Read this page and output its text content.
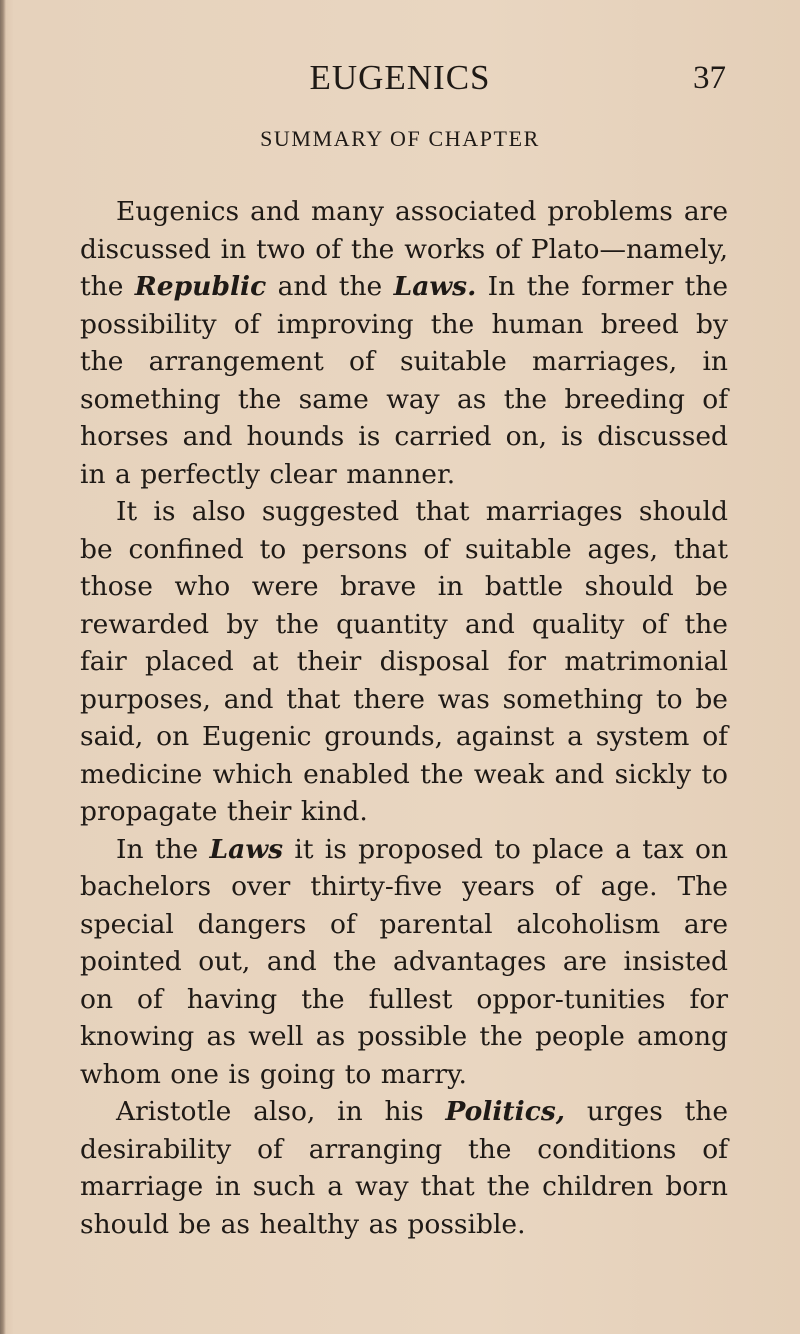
EUGENICS	37
SUMMARY OF CHAPTER

Eugenics and many associated problems are discussed in two of the works of Plato—namely, the Republic and the Laws. In the former the possibility of improving the human breed by the arrangement of suitable marriages, in something the same way as the breeding of horses and hounds is carried on, is discussed in a perfectly clear manner.

It is also suggested that marriages should be confined to persons of suitable ages, that those who were brave in battle should be rewarded by the quantity and quality of the fair placed at their disposal for matrimonial purposes, and that there was something to be said, on Eugenic grounds, against a system of medicine which enabled the weak and sickly to propagate their kind.

In the Laws it is proposed to place a tax on bachelors over thirty-five years of age. The special dangers of parental alcoholism are pointed out, and the advantages are insisted on of having the fullest oppor-tunities for knowing as well as possible the people among whom one is going to marry.

Aristotle also, in his Politics, urges the desirability of arranging the conditions of marriage in such a way that the children born should be as healthy as possible.
